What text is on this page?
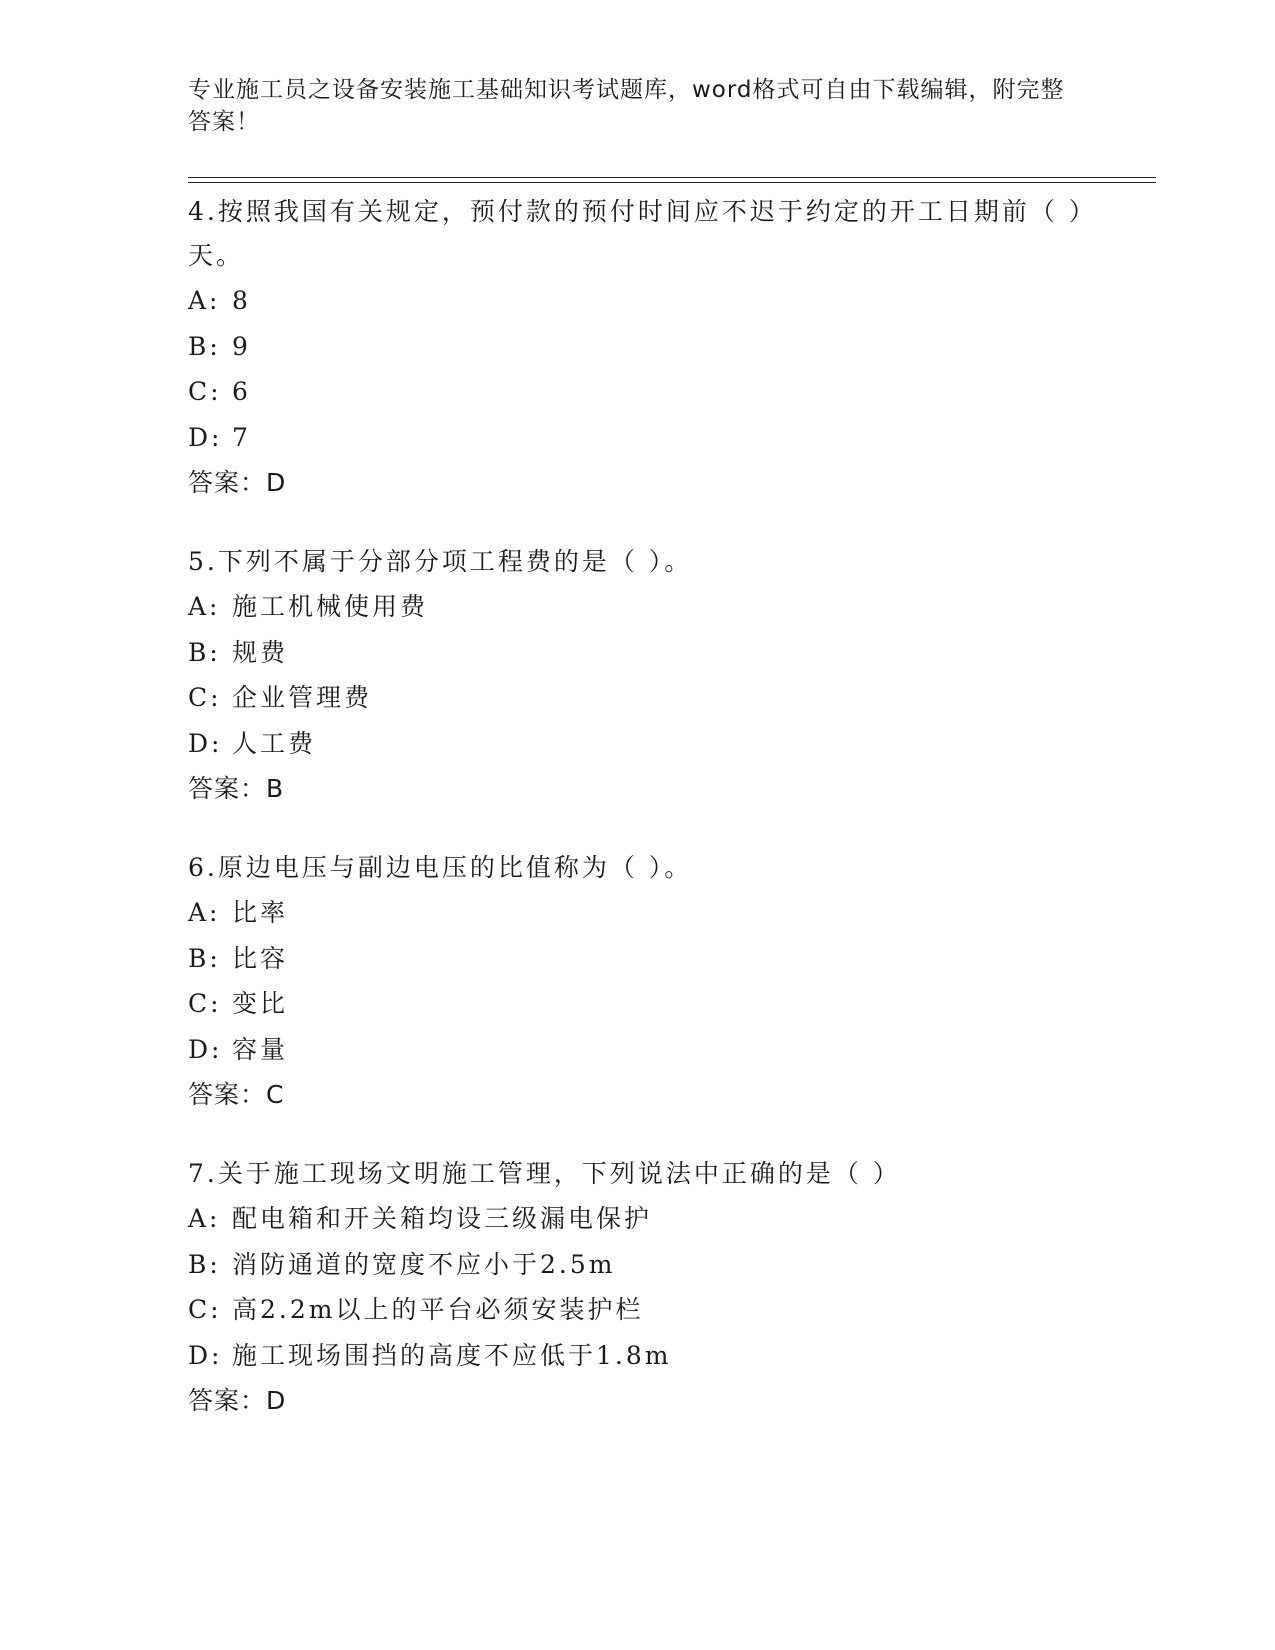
专业施工员之设备安装施工基础知识考试题库，word格式可自由下载编辑，附完整答案！
4.按照我国有关规定，预付款的预付时间应不迟于约定的开工日期前（ ）天。
A: 8
B: 9
C: 6
D: 7
答案：D
5.下列不属于分部分项工程费的是（ ）。
A: 施工机械使用费
B: 规费
C: 企业管理费
D: 人工费
答案：B
6.原边电压与副边电压的比值称为（ ）。
A: 比率
B: 比容
C: 变比
D: 容量
答案：C
7.关于施工现场文明施工管理，下列说法中正确的是（ ）
A: 配电箱和开关箱均设三级漏电保护
B: 消防通道的宽度不应小于2.5m
C: 高2.2m以上的平台必须安装护栏
D: 施工现场围挡的高度不应低于1.8m
答案：D
